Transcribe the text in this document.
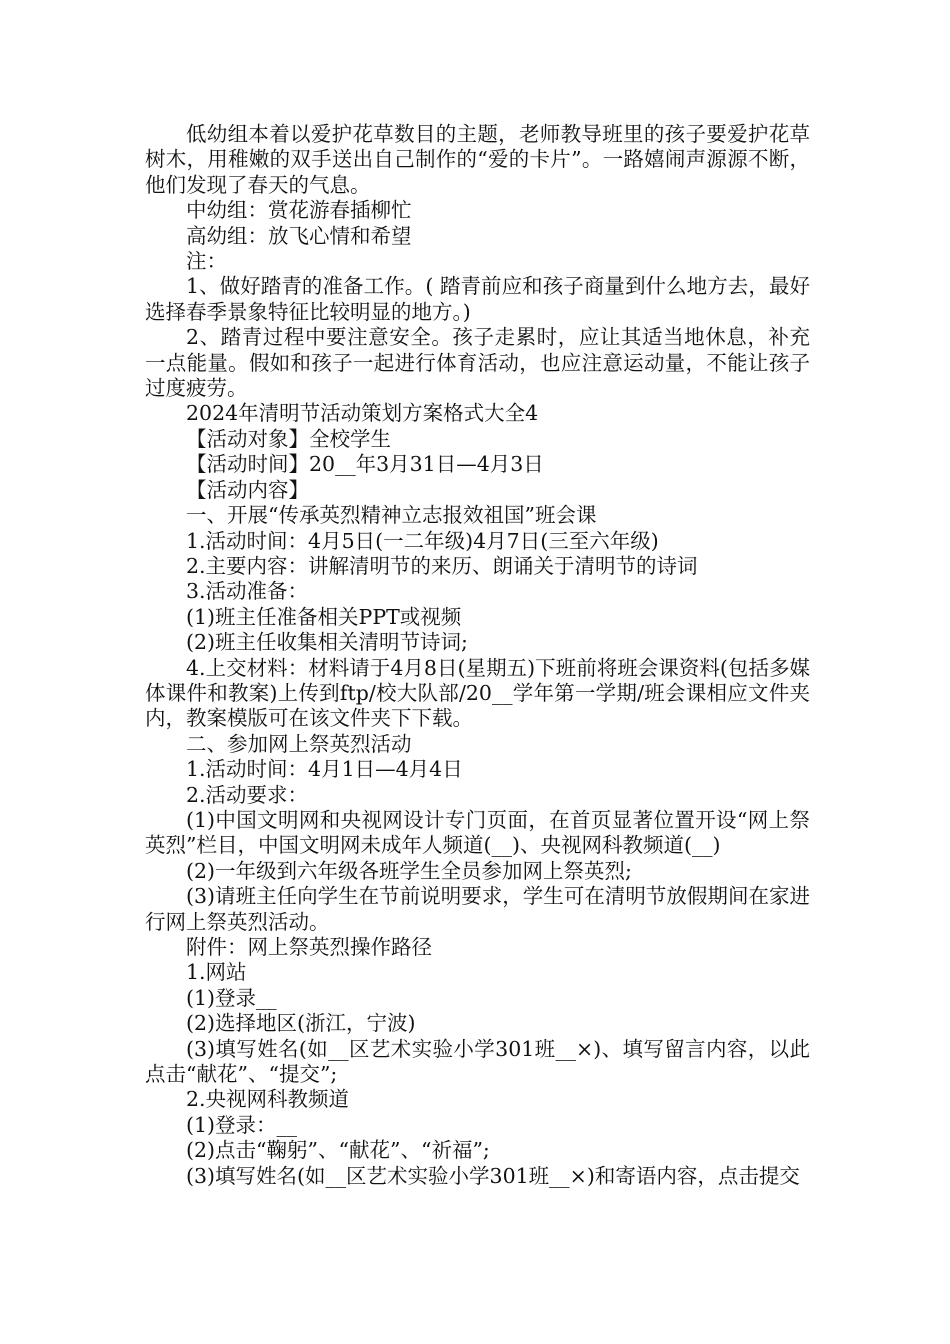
低幼组本着以爱护花草数目的主题，老师教导班里的孩子要爱护花草树木，用稚嫩的双手送出自己制作的“爱的卡片”。一路嬉闹声源源不断，他们发现了春天的气息。

中幼组：赏花游春插柳忙

高幼组：放飞心情和希望

注：

1、做好踏青的准备工作。( 踏青前应和孩子商量到什么地方去，最好选择春季景象特征比较明显的地方。)

2、踏青过程中要注意安全。孩子走累时，应让其适当地休息，补充一点能量。假如和孩子一起进行体育活动，也应注意运动量，不能让孩子过度疲劳。

2024年清明节活动策划方案格式大全4

【活动对象】全校学生

【活动时间】20__年3月31日—4月3日

【活动内容】

一、开展“传承英烈精神立志报效祖国”班会课

1.活动时间：4月5日(一二年级)4月7日(三至六年级)

2.主要内容：讲解清明节的来历、朗诵关于清明节的诗词

3.活动准备：

(1)班主任准备相关PPT或视频

(2)班主任收集相关清明节诗词;

4.上交材料：材料请于4月8日(星期五)下班前将班会课资料(包括多媒体课件和教案)上传到ftp/校大队部/20__学年第一学期/班会课相应文件夹内，教案模版可在该文件夹下下载。

二、参加网上祭英烈活动

1.活动时间：4月1日—4月4日

2.活动要求：

(1)中国文明网和央视网设计专门页面，在首页显著位置开设“网上祭英烈”栏目，中国文明网未成年人频道(__)、央视网科教频道(__)

(2)一年级到六年级各班学生全员参加网上祭英烈;

(3)请班主任向学生在节前说明要求，学生可在清明节放假期间在家进行网上祭英烈活动。

附件：网上祭英烈操作路径

1.网站

(1)登录__

(2)选择地区(浙江，宁波)

(3)填写姓名(如__区艺术实验小学301班__×)、填写留言内容，以此点击“献花”、“提交”;

2.央视网科教频道

(1)登录：__

(2)点击“鞠躬”、“献花”、“祈福”;

(3)填写姓名(如__区艺术实验小学301班__×)和寄语内容，点击提交
